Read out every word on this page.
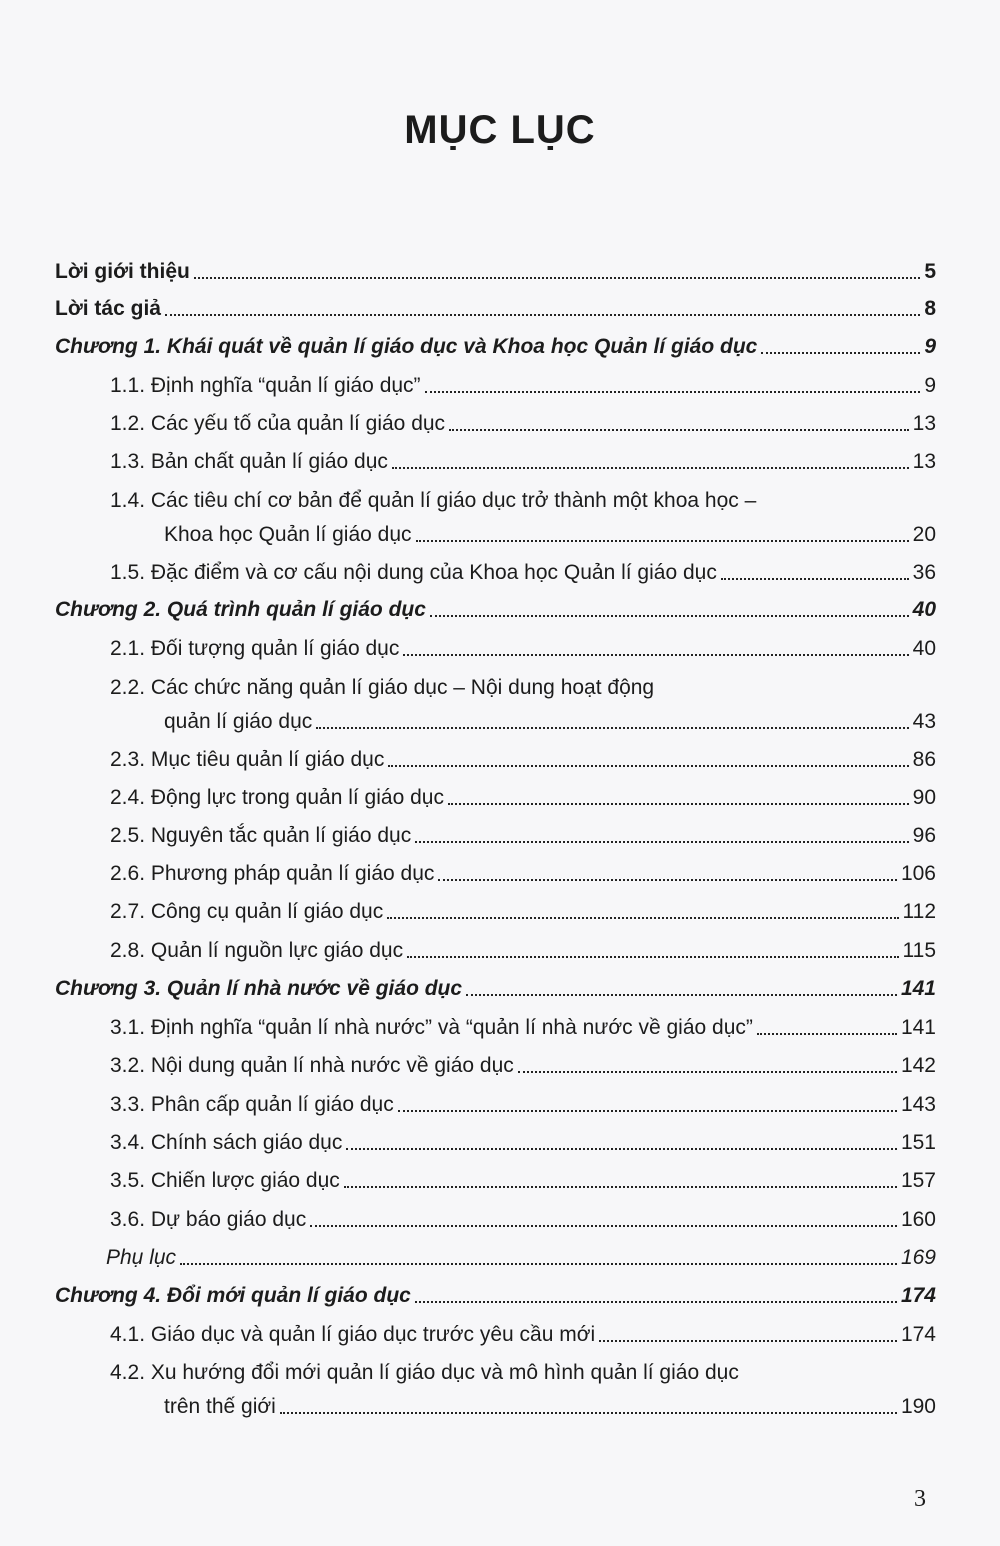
MỤC LỤC
Lời giới thiệu	5
Lời tác giả	8
Chương 1. Khái quát về quản lí giáo dục và Khoa học Quản lí giáo dục	9
1.1. Định nghĩa “quản lí giáo dục”	9
1.2. Các yếu tố của quản lí giáo dục	13
1.3. Bản chất quản lí giáo dục	13
1.4. Các tiêu chí cơ bản để quản lí giáo dục trở thành một khoa học –
Khoa học Quản lí giáo dục	20
1.5. Đặc điểm và cơ cấu nội dung của Khoa học Quản lí giáo dục	36
Chương 2. Quá trình quản lí giáo dục	40
2.1. Đối tượng quản lí giáo dục	40
2.2. Các chức năng quản lí giáo dục – Nội dung hoạt động
quản lí giáo dục	43
2.3. Mục tiêu quản lí giáo dục	86
2.4. Động lực trong quản lí giáo dục	90
2.5. Nguyên tắc quản lí giáo dục	96
2.6. Phương pháp quản lí giáo dục	106
2.7. Công cụ quản lí giáo dục	112
2.8. Quản lí nguồn lực giáo dục	115
Chương 3. Quản lí nhà nước về giáo dục	141
3.1. Định nghĩa “quản lí nhà nước” và “quản lí nhà nước về giáo dục”	141
3.2. Nội dung quản lí nhà nước về giáo dục	142
3.3. Phân cấp quản lí giáo dục	143
3.4. Chính sách giáo dục	151
3.5. Chiến lược giáo dục	157
3.6. Dự báo giáo dục	160
Phụ lục	169
Chương 4. Đổi mới quản lí giáo dục	174
4.1. Giáo dục và quản lí giáo dục trước yêu cầu mới	174
4.2. Xu hướng đổi mới quản lí giáo dục và mô hình quản lí giáo dục
trên thế giới	190
3
